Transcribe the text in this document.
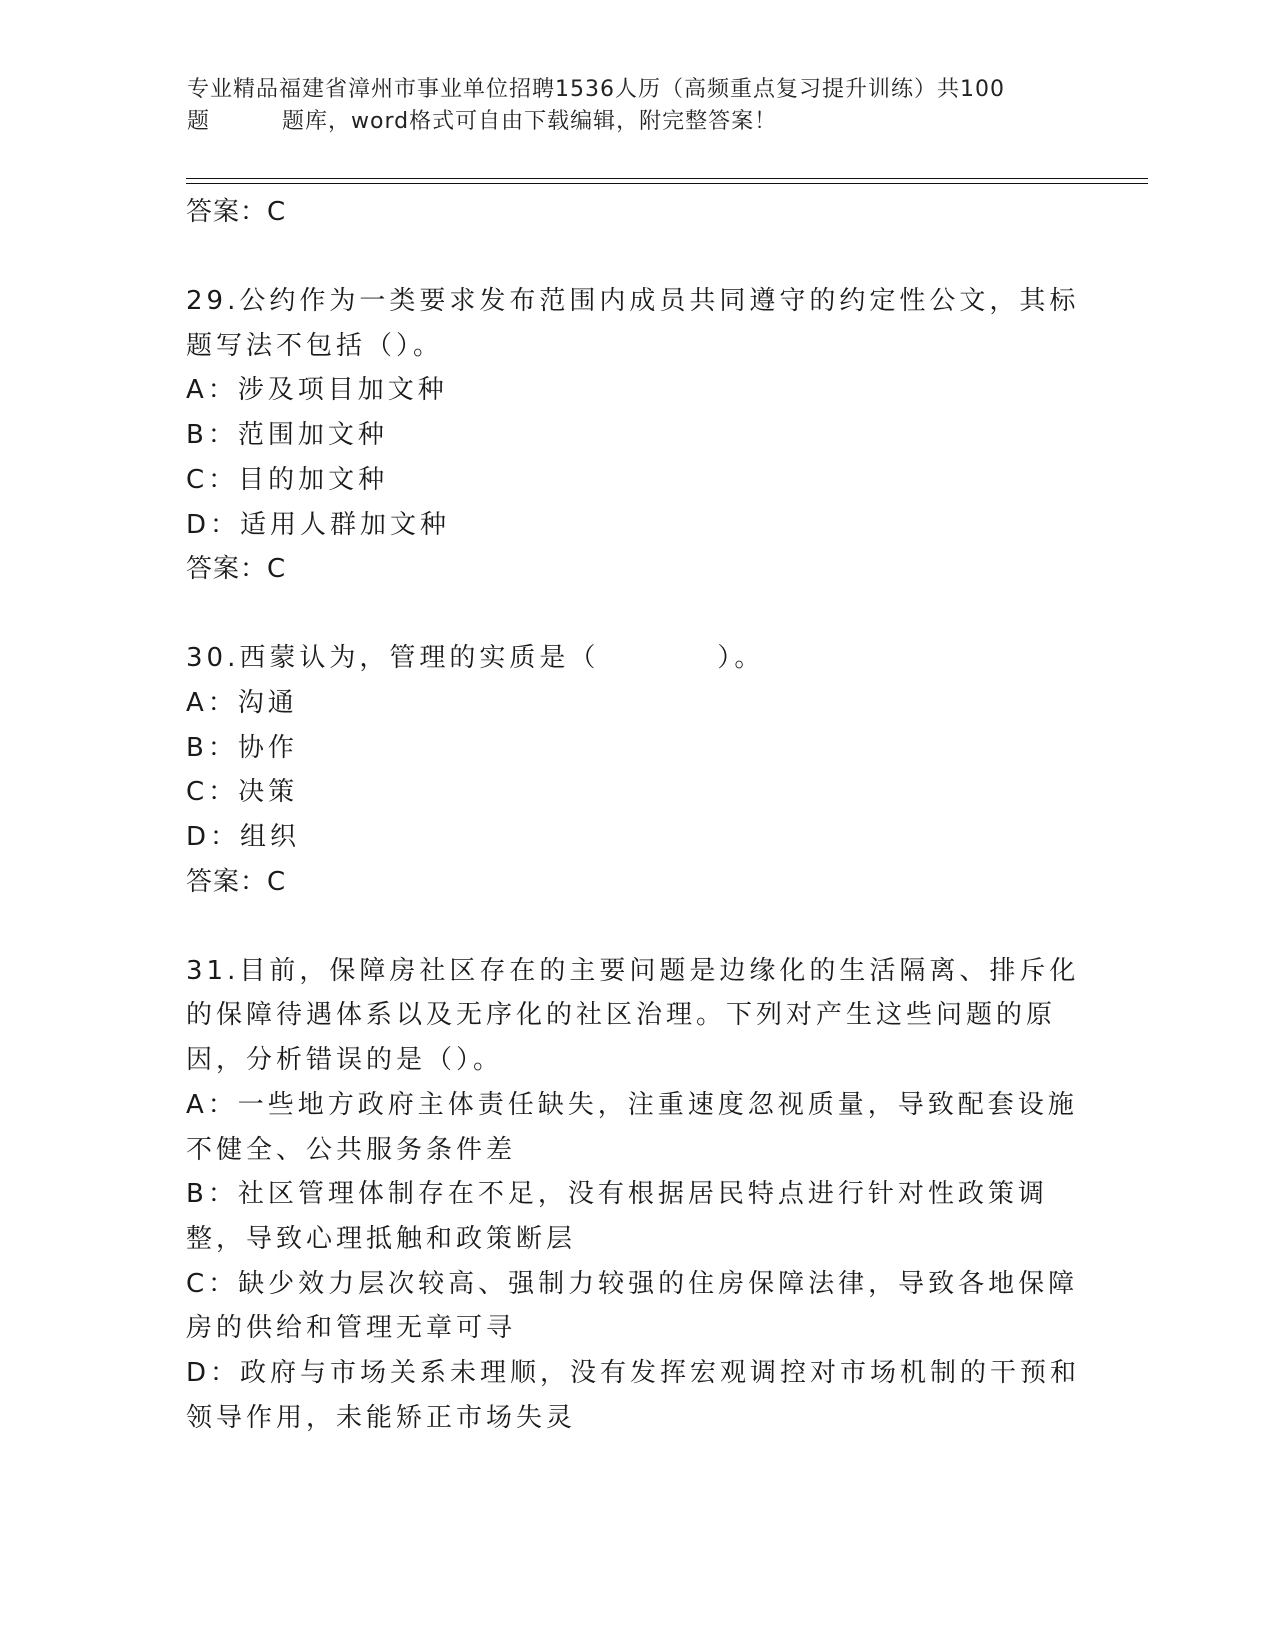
专业精品福建省漳州市事业单位招聘1536人历（高频重点复习提升训练）共100
题	题库，word格式可自由下载编辑，附完整答案！
答案：C
29.公约作为一类要求发布范围内成员共同遵守的约定性公文，其标题写法不包括（）。
A：涉及项目加文种
B：范围加文种
C：目的加文种
D：适用人群加文种
答案：C
30.西蒙认为，管理的实质是（	）。
A：沟通
B：协作
C：决策
D：组织
答案：C
31.目前，保障房社区存在的主要问题是边缘化的生活隔离、排斥化的保障待遇体系以及无序化的社区治理。下列对产生这些问题的原因，分析错误的是（）。
A：一些地方政府主体责任缺失，注重速度忽视质量，导致配套设施不健全、公共服务条件差
B：社区管理体制存在不足，没有根据居民特点进行针对性政策调整，导致心理抵触和政策断层
C：缺少效力层次较高、强制力较强的住房保障法律，导致各地保障房的供给和管理无章可寻
D：政府与市场关系未理顺，没有发挥宏观调控对市场机制的干预和领导作用，未能矫正市场失灵
